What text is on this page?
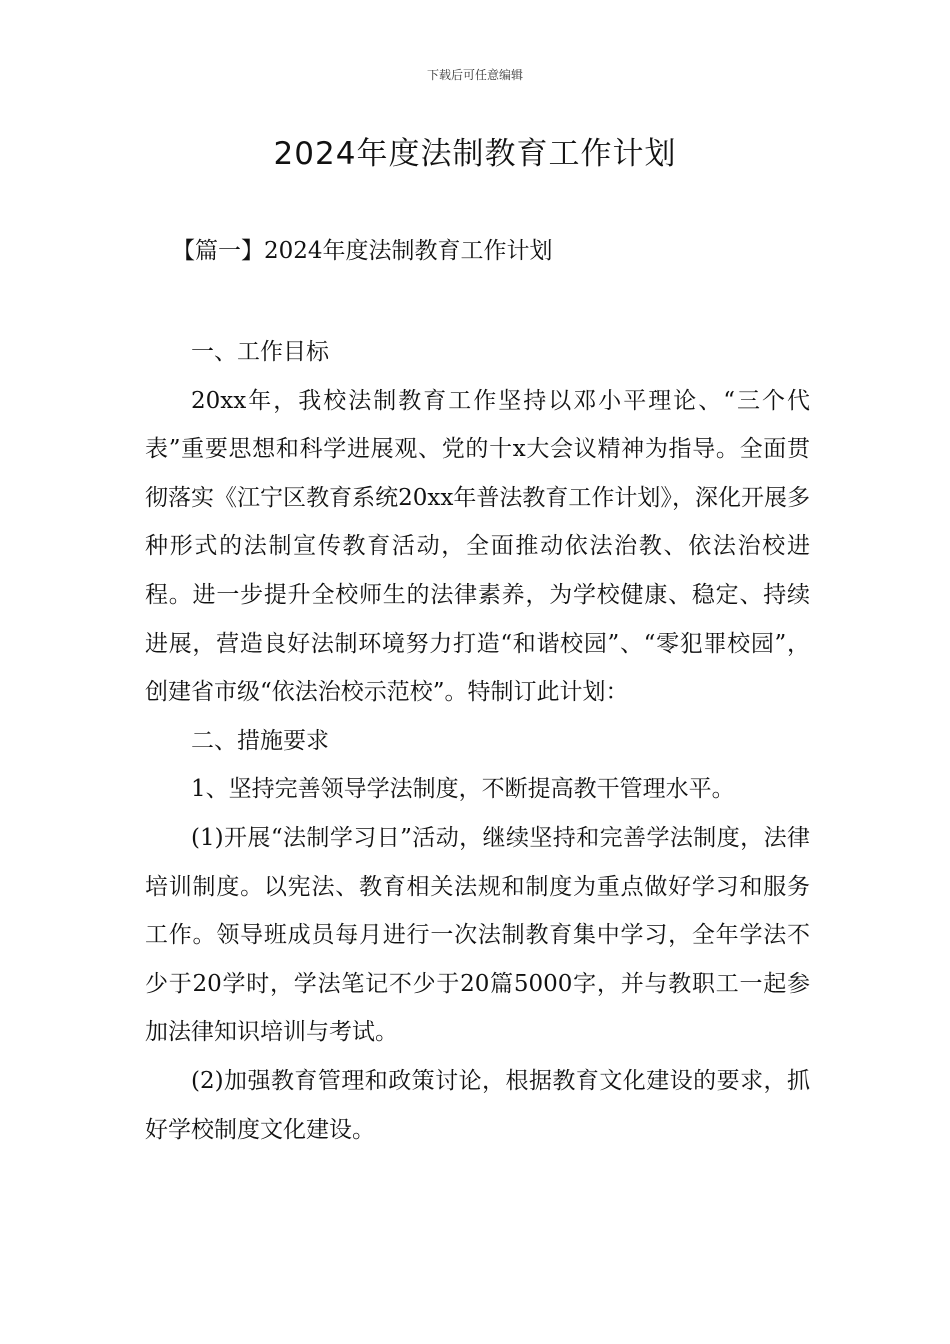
下载后可任意编辑
2024年度法制教育工作计划
【篇一】2024年度法制教育工作计划

一、工作目标

20xx年，我校法制教育工作坚持以邓小平理论、“三个代表”重要思想和科学进展观、党的十x大会议精神为指导。全面贯彻落实《江宁区教育系统20xx年普法教育工作计划》，深化开展多种形式的法制宣传教育活动，全面推动依法治教、依法治校进程。进一步提升全校师生的法律素养，为学校健康、稳定、持续进展，营造良好法制环境努力打造“和谐校园”、“零犯罪校园”，创建省市级“依法治校示范校”。特制订此计划：

二、措施要求

1、坚持完善领导学法制度，不断提高教干管理水平。

(1)开展“法制学习日”活动，继续坚持和完善学法制度，法律培训制度。以宪法、教育相关法规和制度为重点做好学习和服务工作。领导班成员每月进行一次法制教育集中学习，全年学法不少于20学时，学法笔记不少于20篇5000字，并与教职工一起参加法律知识培训与考试。

(2)加强教育管理和政策讨论，根据教育文化建设的要求，抓好学校制度文化建设。
